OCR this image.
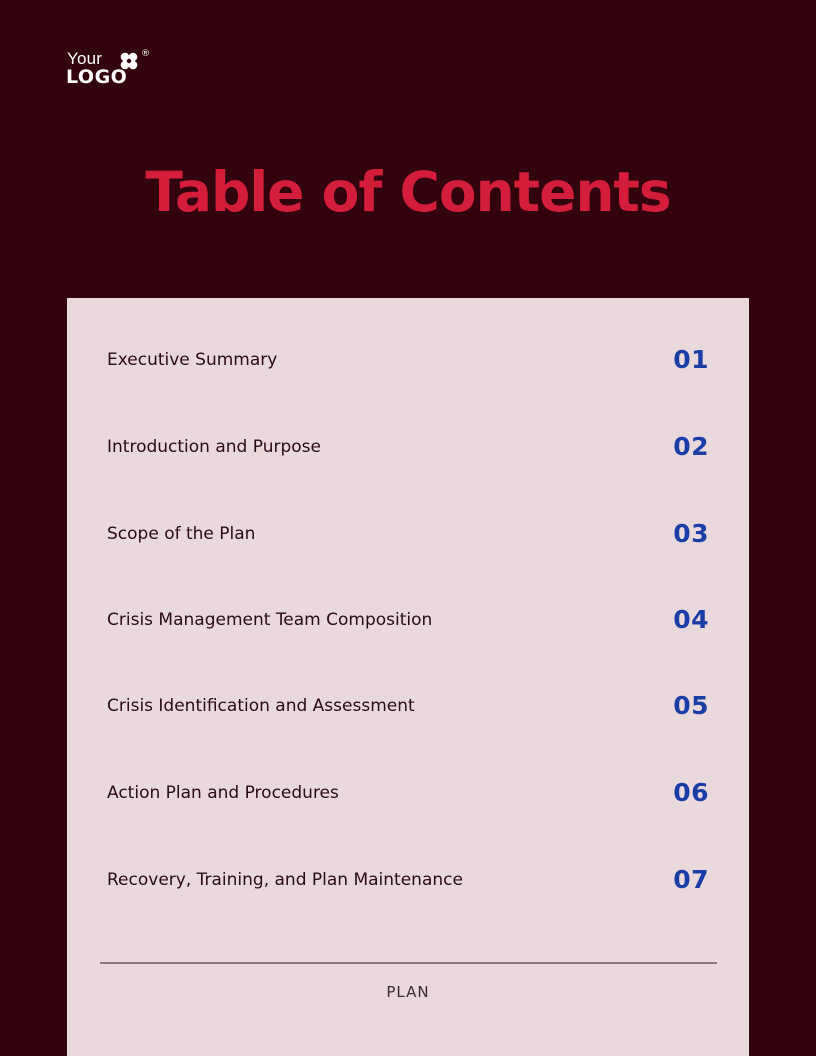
Your	®
LOGO
Table of Contents
Executive Summary	01
Introduction and Purpose	02
Scope of the Plan	03
Crisis Management Team Composition	04
Crisis Identification and Assessment	05
Action Plan and Procedures	06
Recovery, Training, and Plan Maintenance	07
PLAN
